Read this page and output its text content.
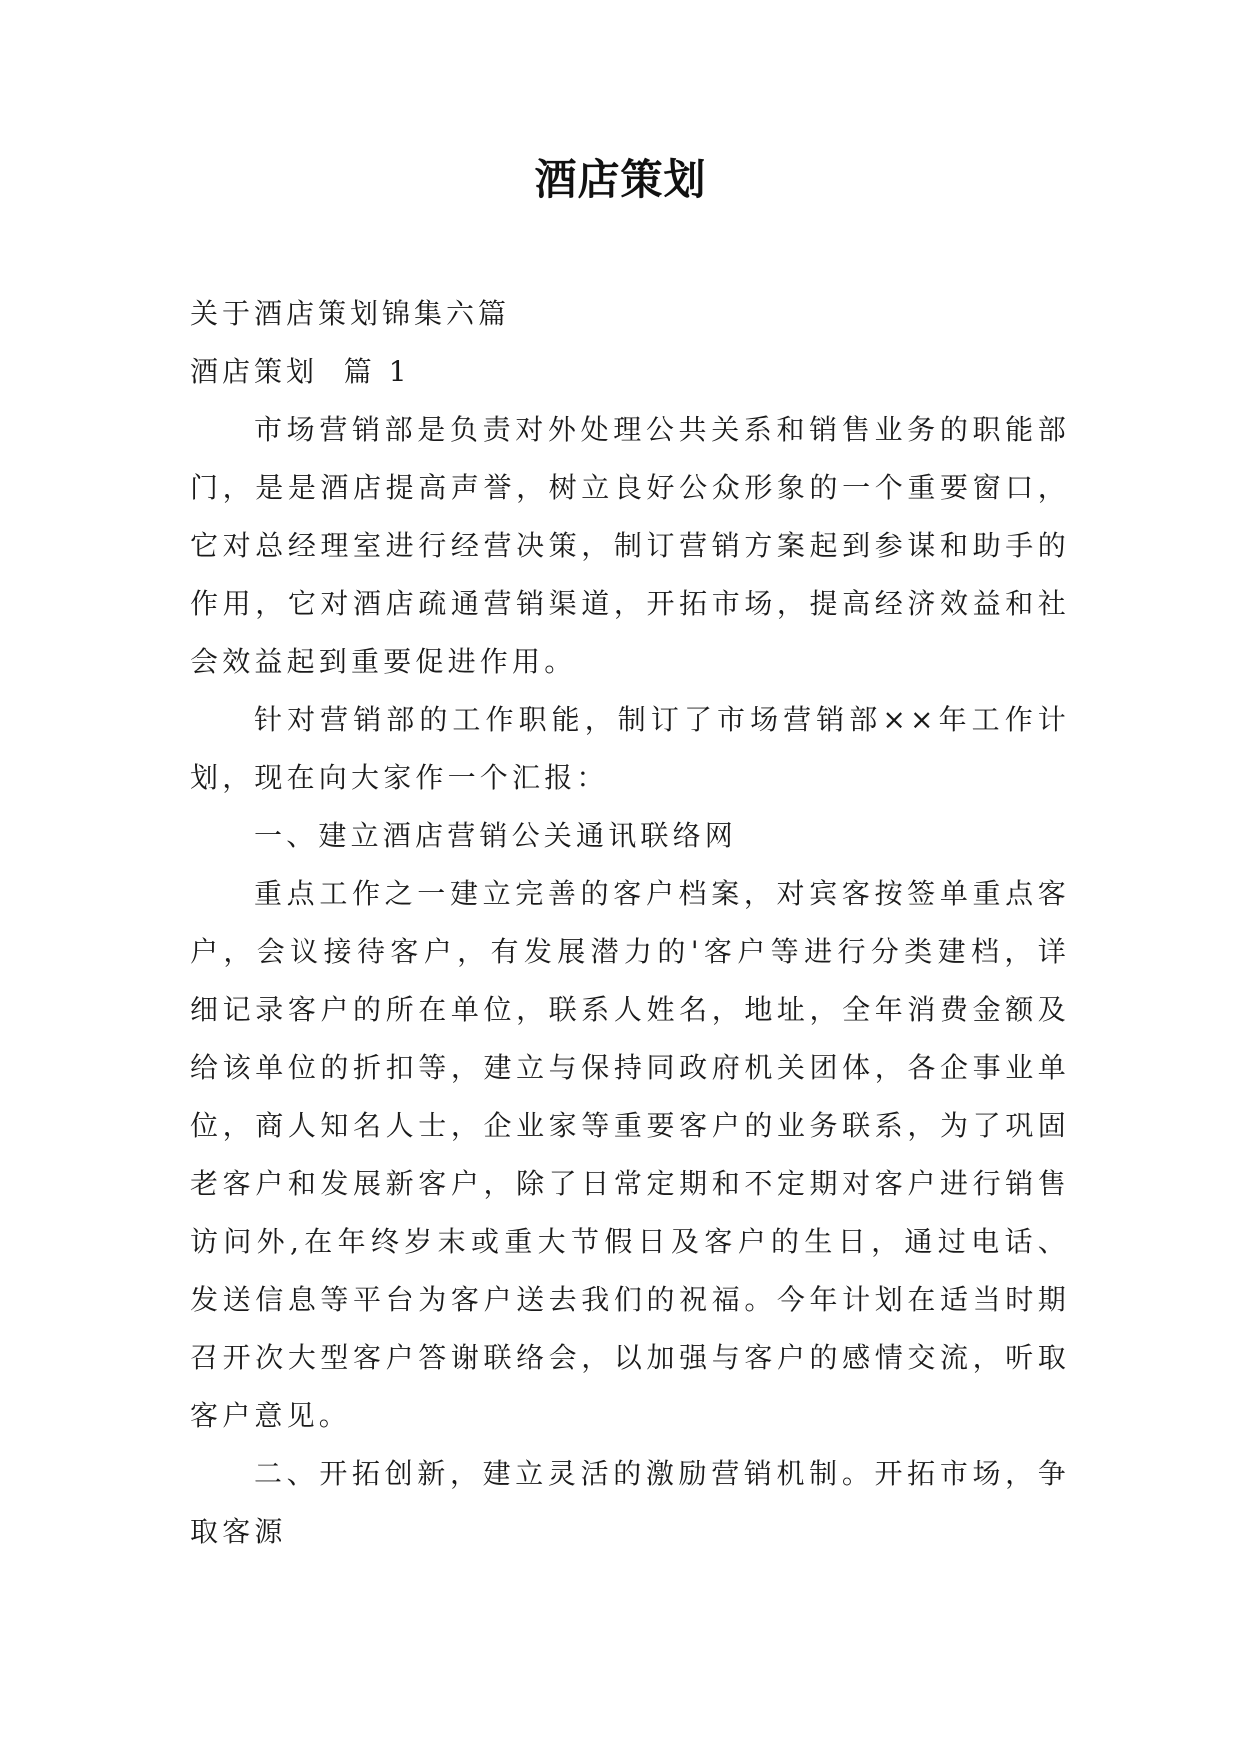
酒店策划

关于酒店策划锦集六篇

酒店策划  篇 1

市场营销部是负责对外处理公共关系和销售业务的职能部门，是是酒店提高声誉，树立良好公众形象的一个重要窗口，它对总经理室进行经营决策，制订营销方案起到参谋和助手的作用，它对酒店疏通营销渠道，开拓市场，提高经济效益和社会效益起到重要促进作用。

针对营销部的工作职能，制订了市场营销部××年工作计划，现在向大家作一个汇报：

一、建立酒店营销公关通讯联络网

重点工作之一建立完善的客户档案，对宾客按签单重点客户，会议接待客户，有发展潜力的'客户等进行分类建档，详细记录客户的所在单位，联系人姓名，地址，全年消费金额及给该单位的折扣等，建立与保持同政府机关团体，各企事业单位，商人知名人士，企业家等重要客户的业务联系，为了巩固老客户和发展新客户，除了日常定期和不定期对客户进行销售访问外,在年终岁末或重大节假日及客户的生日，通过电话、发送信息等平台为客户送去我们的祝福。今年计划在适当时期召开次大型客户答谢联络会，以加强与客户的感情交流，听取客户意见。

二、开拓创新，建立灵活的激励营销机制。开拓市场，争取客源
